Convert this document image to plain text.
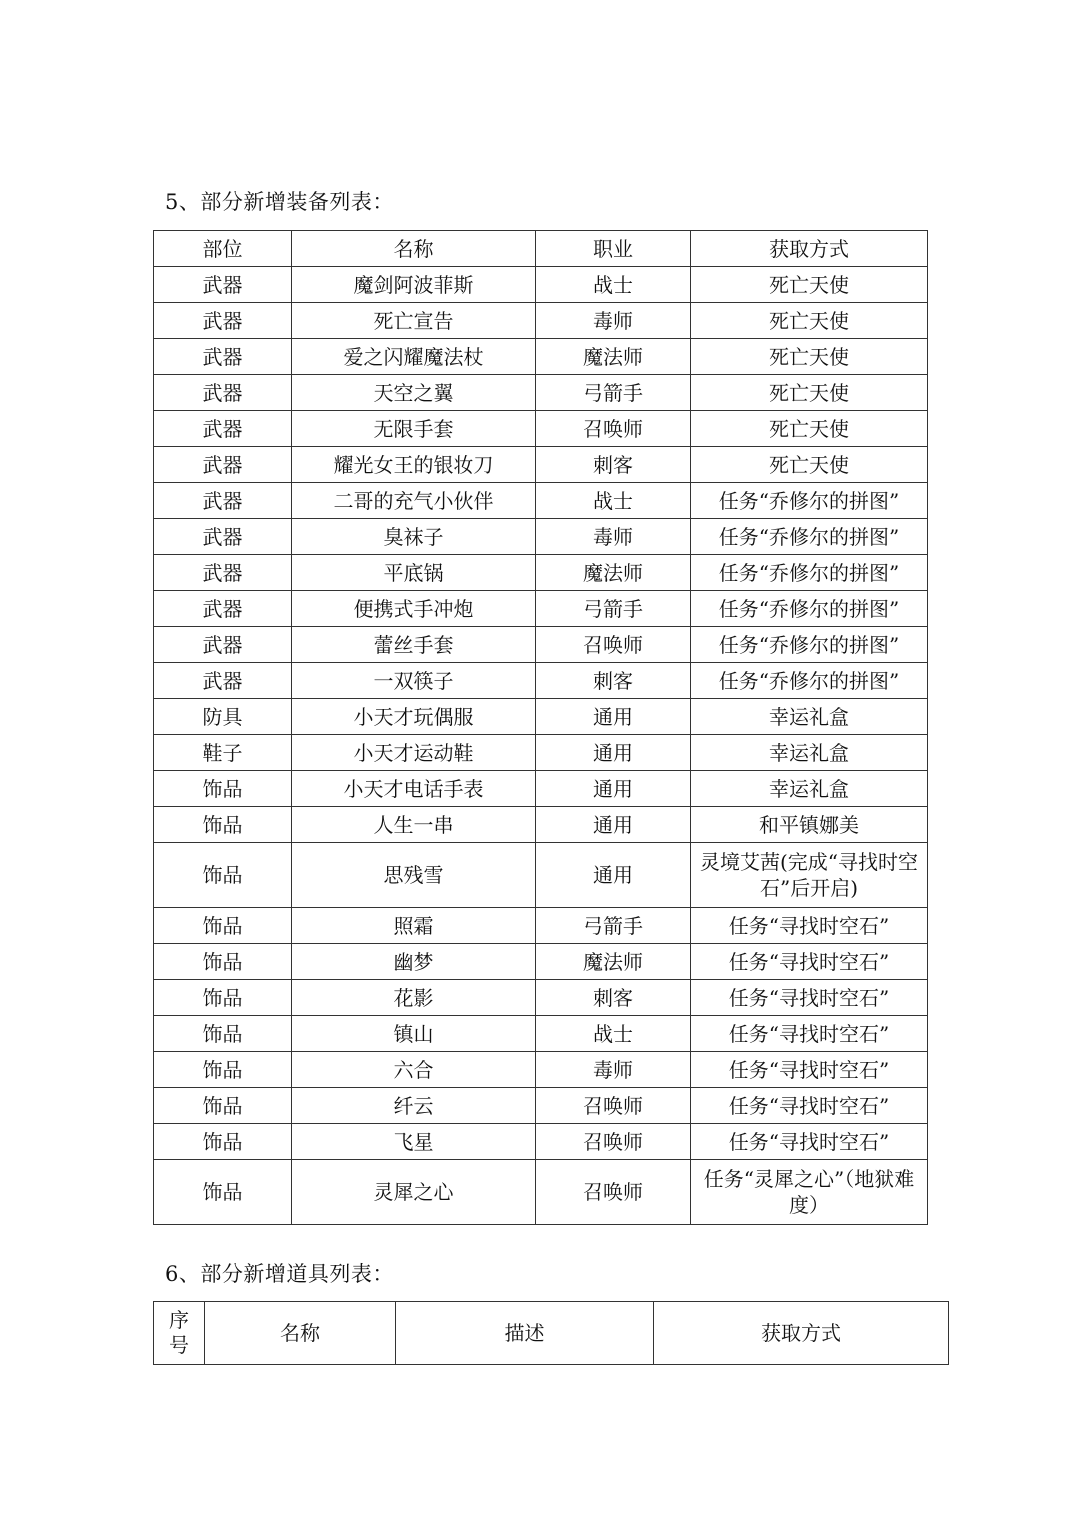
5、部分新增装备列表：
部位	名称	职业	获取方式
武器	魔剑阿波菲斯	战士	死亡天使
武器	死亡宣告	毒师	死亡天使
武器	爱之闪耀魔法杖	魔法师	死亡天使
武器	天空之翼	弓箭手	死亡天使
武器	无限手套	召唤师	死亡天使
武器	耀光女王的银妆刀	刺客	死亡天使
武器	二哥的充气小伙伴	战士	任务“乔修尔的拼图”
武器	臭袜子	毒师	任务“乔修尔的拼图”
武器	平底锅	魔法师	任务“乔修尔的拼图”
武器	便携式手冲炮	弓箭手	任务“乔修尔的拼图”
武器	蕾丝手套	召唤师	任务“乔修尔的拼图”
武器	一双筷子	刺客	任务“乔修尔的拼图”
防具	小天才玩偶服	通用	幸运礼盒
鞋子	小天才运动鞋	通用	幸运礼盒
饰品	小天才电话手表	通用	幸运礼盒
饰品	人生一串	通用	和平镇娜美
饰品	思残雪	通用	灵境艾茜(完成“寻找时空石”后开启)
饰品	照霜	弓箭手	任务“寻找时空石”
饰品	幽梦	魔法师	任务“寻找时空石”
饰品	花影	刺客	任务“寻找时空石”
饰品	镇山	战士	任务“寻找时空石”
饰品	六合	毒师	任务“寻找时空石”
饰品	纤云	召唤师	任务“寻找时空石”
饰品	飞星	召唤师	任务“寻找时空石”
饰品	灵犀之心	召唤师	任务“灵犀之心”（地狱难度）
6、部分新增道具列表：
序号	名称	描述	获取方式
